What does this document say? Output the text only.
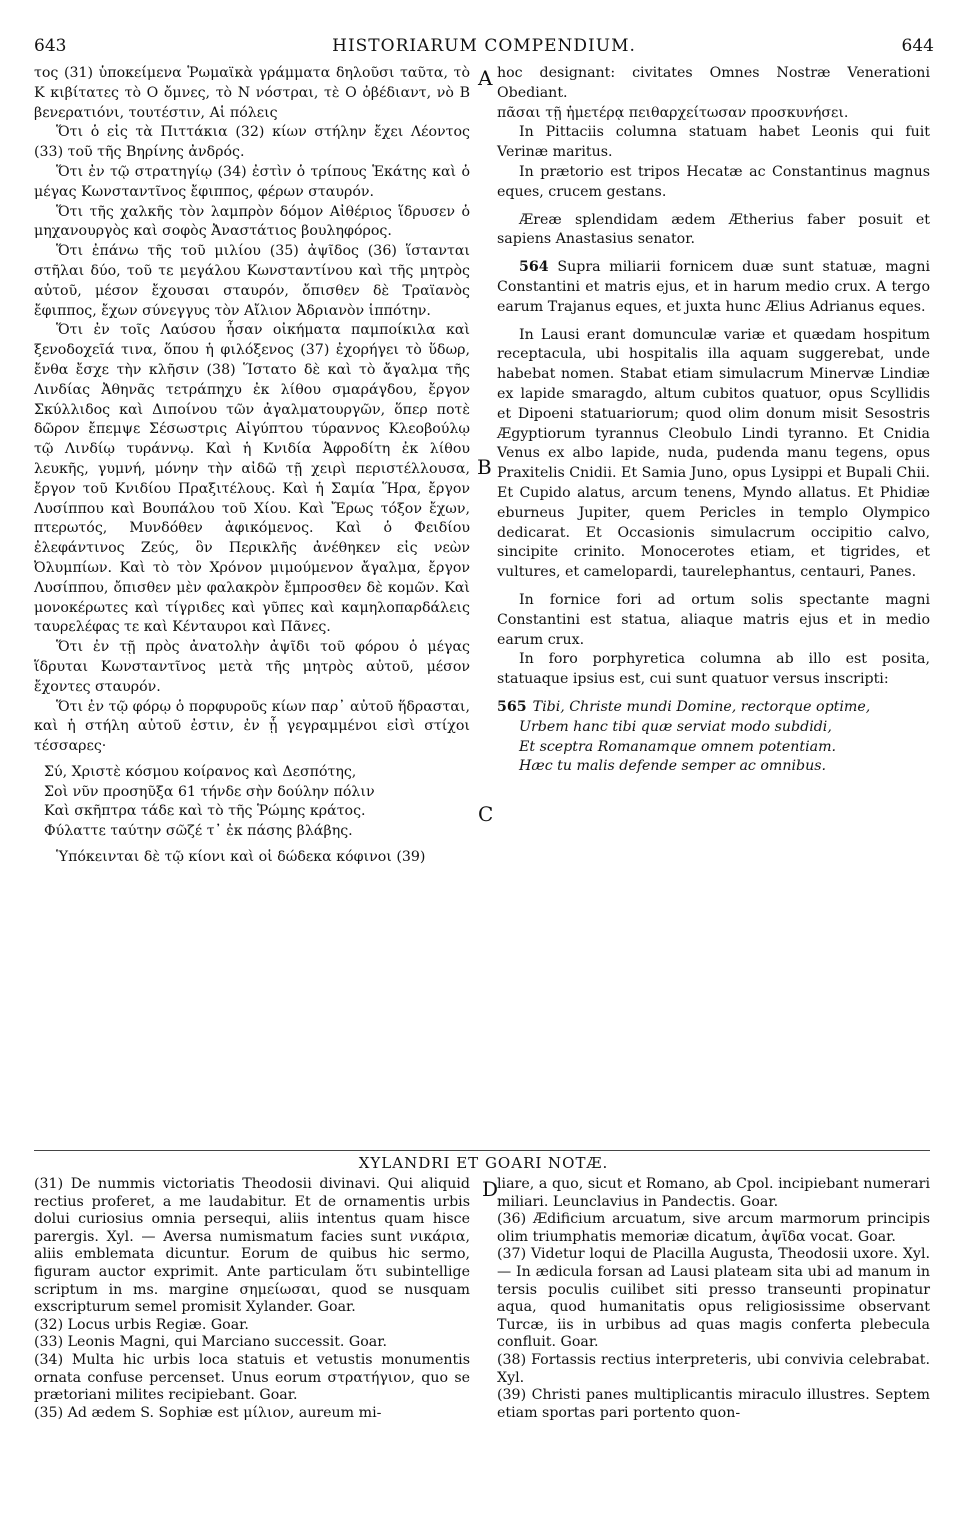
643	HISTORIARUM COMPENDIUM.	644
A
B
C
D

τος (31) ὑποκείμενα Ῥωμαϊκὰ γράμματα δηλοῦσι ταῦτα, τὸ Κ κιβίτατες τὸ Ο ὄμνες, τὸ Ν νόστραι, τὲ Ο ὀβέδιαντ, νὸ Β βενερατιόνι, τουτέστιν, Αἱ πόλεις

Ὅτι ὁ εἰς τὰ Πιττάκια (32) κίων στήλην ἔχει Λέοντος (33) τοῦ τῆς Βηρίνης ἀνδρός.

Ὅτι ἐν τῷ στρατηγίῳ (34) ἐστὶν ὁ τρίπους Ἑκάτης καὶ ὁ μέγας Κωνσταντῖνος ἔφιππος, φέρων σταυρόν.

Ὅτι τῆς χαλκῆς τὸν λαμπρὸν δόμον Αἰθέριος ἵδρυσεν ὁ μηχανουργὸς καὶ σοφὸς Ἀναστάτιος βουληφόρος.

Ὅτι ἐπάνω τῆς τοῦ μιλίου (35) ἀψῖδος (36) ἵστανται στῆλαι δύο, τοῦ τε μεγάλου Κωνσταντίνου καὶ τῆς μητρὸς αὐτοῦ, μέσον ἔχουσαι σταυρόν, ὄπισθεν δὲ Τραϊανὸς ἔφιππος, ἔχων σύνεγγυς τὸν Αἴλιον Ἀδριανὸν ἱππότην.

Ὅτι ἐν τοῖς Λαύσου ἦσαν οἰκήματα παμποίκιλα καὶ ξενοδοχεῖά τινα, ὅπου ἡ φιλόξενος (37) ἐχορήγει τὸ ὕδωρ, ἔνθα ἔσχε τὴν κλῆσιν (38) Ἵστατο δὲ καὶ τὸ ἄγαλμα τῆς Λινδίας Ἀθηνᾶς τετράπηχυ ἐκ λίθου σμαράγδου, ἔργον Σκύλλιδος καὶ Διποίνου τῶν ἀγαλματουργῶν, ὅπερ ποτὲ δῶρον ἔπεμψε Σέσωστρις Αἰγύπτου τύραννος Κλεοβούλῳ τῷ Λινδίῳ τυράννῳ. Καὶ ἡ Κνιδία Ἀφροδίτη ἐκ λίθου λευκῆς, γυμνή, μόνην τὴν αἰδῶ τῇ χειρὶ περιστέλλουσα, ἔργον τοῦ Κνιδίου Πραξιτέλους. Καὶ ἡ Σαμία Ἥρα, ἔργον Λυσίππου καὶ Βουπάλου τοῦ Χίου. Καὶ Ἔρως τόξον ἔχων, πτερωτός, Μυνδόθεν ἀφικόμενος. Καὶ ὁ Φειδίου ἐλεφάντινος Ζεύς, ὃν Περικλῆς ἀνέθηκεν εἰς νεὼν Ὀλυμπίων. Καὶ τὸ τὸν Χρόνον μιμούμενον ἄγαλμα, ἔργον Λυσίππου, ὄπισθεν μὲν φαλακρὸν ἔμπροσθεν δὲ κομῶν. Καὶ μονοκέρωτες καὶ τίγριδες καὶ γῦπες καὶ καμηλοπαρδάλεις ταυρελέφας τε καὶ Κένταυροι καὶ Πᾶνες.

Ὅτι ἐν τῇ πρὸς ἀνατολὴν ἀψῖδι τοῦ φόρου ὁ μέγας ἵδρυται Κωνσταντῖνος μετὰ τῆς μητρὸς αὐτοῦ, μέσον ἔχοντες σταυρόν.

Ὅτι ἐν τῷ φόρῳ ὁ πορφυροῦς κίων παρ᾽ αὐτοῦ ἥδρασται, καὶ ἡ στήλη αὐτοῦ ἐστιν, ἐν ᾗ γεγραμμένοι εἰσὶ στίχοι τέσσαρες·

Σύ, Χριστὲ κόσμου κοίρανος καὶ Δεσπότης,
Σοὶ νῦν προσηῦξα 61 τήνδε σὴν δούλην πόλιν
Καὶ σκῆπτρα τάδε καὶ τὸ τῆς Ῥώμης κράτος.
Φύλαττε ταύτην σῶζέ τ᾽ ἐκ πάσης βλάβης.

Ὑπόκεινται δὲ τῷ κίονι καὶ οἱ δώδεκα κόφινοι (39)

hoc designant: civitates Omnes Nostræ Venerationi Obediant.

πᾶσαι τῇ ἡμετέρᾳ πειθαρχείτωσαν προσκυνήσει.

In Pittaciis columna statuam habet Leonis qui fuit Verinæ maritus.

In prætorio est tripos Hecatæ ac Constantinus magnus eques, crucem gestans.

Æreæ splendidam ædem Ætherius faber posuit et sapiens Anastasius senator.

564 Supra miliarii fornicem duæ sunt statuæ, magni Constantini et matris ejus, et in harum medio crux. A tergo earum Trajanus eques, et juxta hunc Ælius Adrianus eques.

In Lausi erant domunculæ variæ et quædam hospitum receptacula, ubi hospitalis illa aquam suggerebat, unde habebat nomen. Stabat etiam simulacrum Minervæ Lindiæ ex lapide smaragdo, altum cubitos quatuor, opus Scyllidis et Dipoeni statuariorum; quod olim donum misit Sesostris Ægyptiorum tyrannus Cleobulo Lindi tyranno. Et Cnidia Venus ex albo lapide, nuda, pudenda manu tegens, opus Praxitelis Cnidii. Et Samia Juno, opus Lysippi et Bupali Chii. Et Cupido alatus, arcum tenens, Myndo allatus. Et Phidiæ eburneus Jupiter, quem Pericles in templo Olympico dedicarat. Et Occasionis simulacrum occipitio calvo, sincipite crinito. Monocerotes etiam, et tigrides, et vultures, et camelopardi, taurelephantus, centauri, Panes.

In fornice fori ad ortum solis spectante magni Constantini est statua, aliaque matris ejus et in medio earum crux.

In foro porphyretica columna ab illo est posita, statuaque ipsius est, cui sunt quatuor versus inscripti:

565 Tibi, Christe mundi Domine, rectorque optime,
Urbem hanc tibi quæ serviat modo subdidi,
Et sceptra Romanamque omnem potentiam.
Hæc tu malis defende semper ac omnibus.
XYLANDRI ET GOARI NOTÆ.

(31) De nummis victoriatis Theodosii divinavi. Qui aliquid rectius proferet, a me laudabitur. Et de ornamentis urbis dolui curiosius omnia persequi, aliis intentus quam hisce parergis. Xyl. — Aversa numismatum facies sunt νικάρια, aliis emblemata dicuntur. Eorum de quibus hic sermo, figuram auctor exprimit. Ante particulam ὅτι subintellige scriptum in ms. margine σημείωσαι, quod se nusquam exscripturum semel promisit Xylander. Goar.

(32) Locus urbis Regiæ. Goar.

(33) Leonis Magni, qui Marciano successit. Goar.

(34) Multa hic urbis loca statuis et vetustis monumentis ornata confuse percenset. Unus eorum στρατήγιον, quo se prætoriani milites recipiebant. Goar.

(35) Ad ædem S. Sophiæ est μίλιον, aureum mi-

liare, a quo, sicut et Romano, ab Cpol. incipiebant numerari miliari. Leunclavius in Pandectis. Goar.

(36) Ædificium arcuatum, sive arcum marmorum principis olim triumphatis memoriæ dicatum, ἀψῖδα vocat. Goar.

(37) Videtur loqui de Placilla Augusta, Theodosii uxore. Xyl.— In ædicula forsan ad Lausi plateam sita ubi ad manum in tersis poculis cuilibet siti presso transeunti propinatur aqua, quod humanitatis opus religiosissime observant Turcæ, iis in urbibus ad quas magis conferta plebecula confluit. Goar.

(38) Fortassis rectius interpreteris, ubi convivia celebrabat. Xyl.

(39) Christi panes multiplicantis miraculo illustres. Septem etiam sportas pari portento quon-
